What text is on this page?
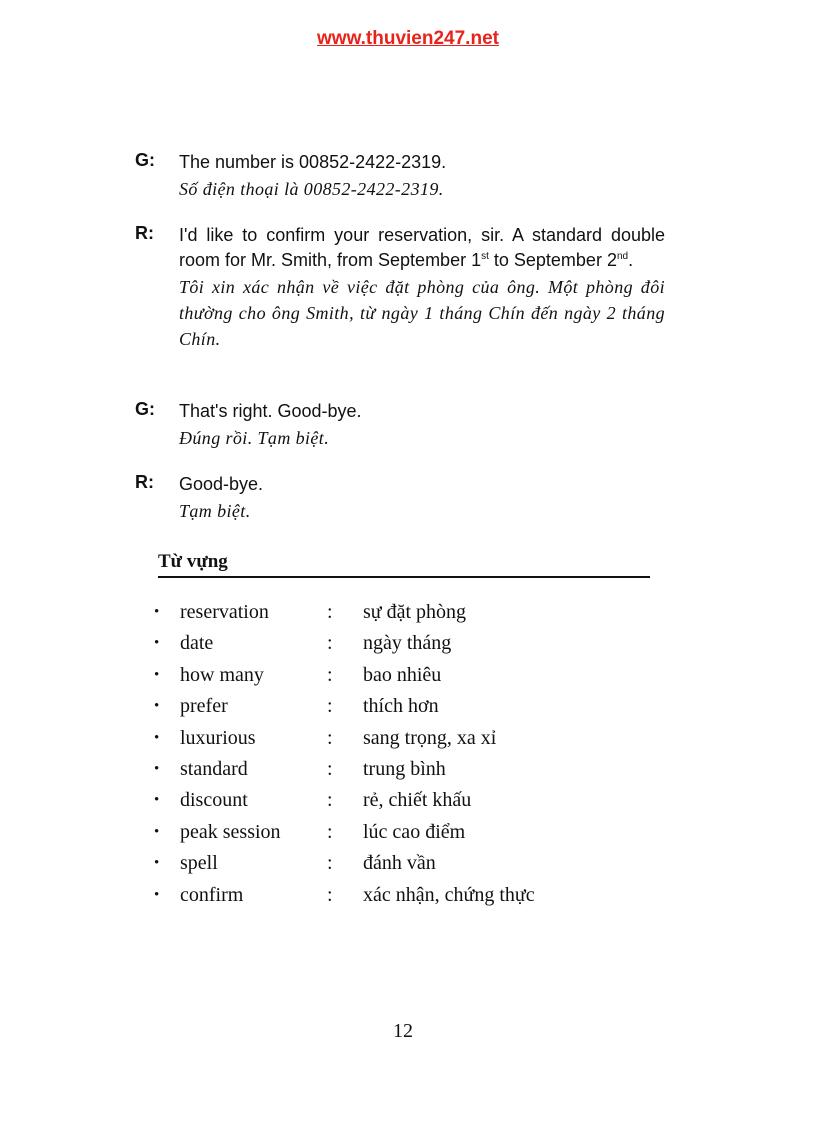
www.thuvien247.net
G: The number is 00852-2422-2319.
Số điện thoại là 00852-2422-2319.
R: I'd like to confirm your reservation, sir. A standard double room for Mr. Smith, from September 1st to September 2nd.
Tôi xin xác nhận về việc đặt phòng của ông. Một phòng đôi thường cho ông Smith, từ ngày 1 tháng Chín đến ngày 2 tháng Chín.
G: That's right. Good-bye.
Đúng rồi. Tạm biệt.
R: Good-bye.
Tạm biệt.
Từ vựng
• reservation	: sự đặt phòng
• date	: ngày tháng
• how many	: bao nhiêu
• prefer	: thích hơn
• luxurious	: sang trọng, xa xỉ
• standard	: trung bình
• discount	: rẻ, chiết khấu
• peak session : lúc cao điểm
• spell	: đánh vần
• confirm	: xác nhận, chứng thực
12
